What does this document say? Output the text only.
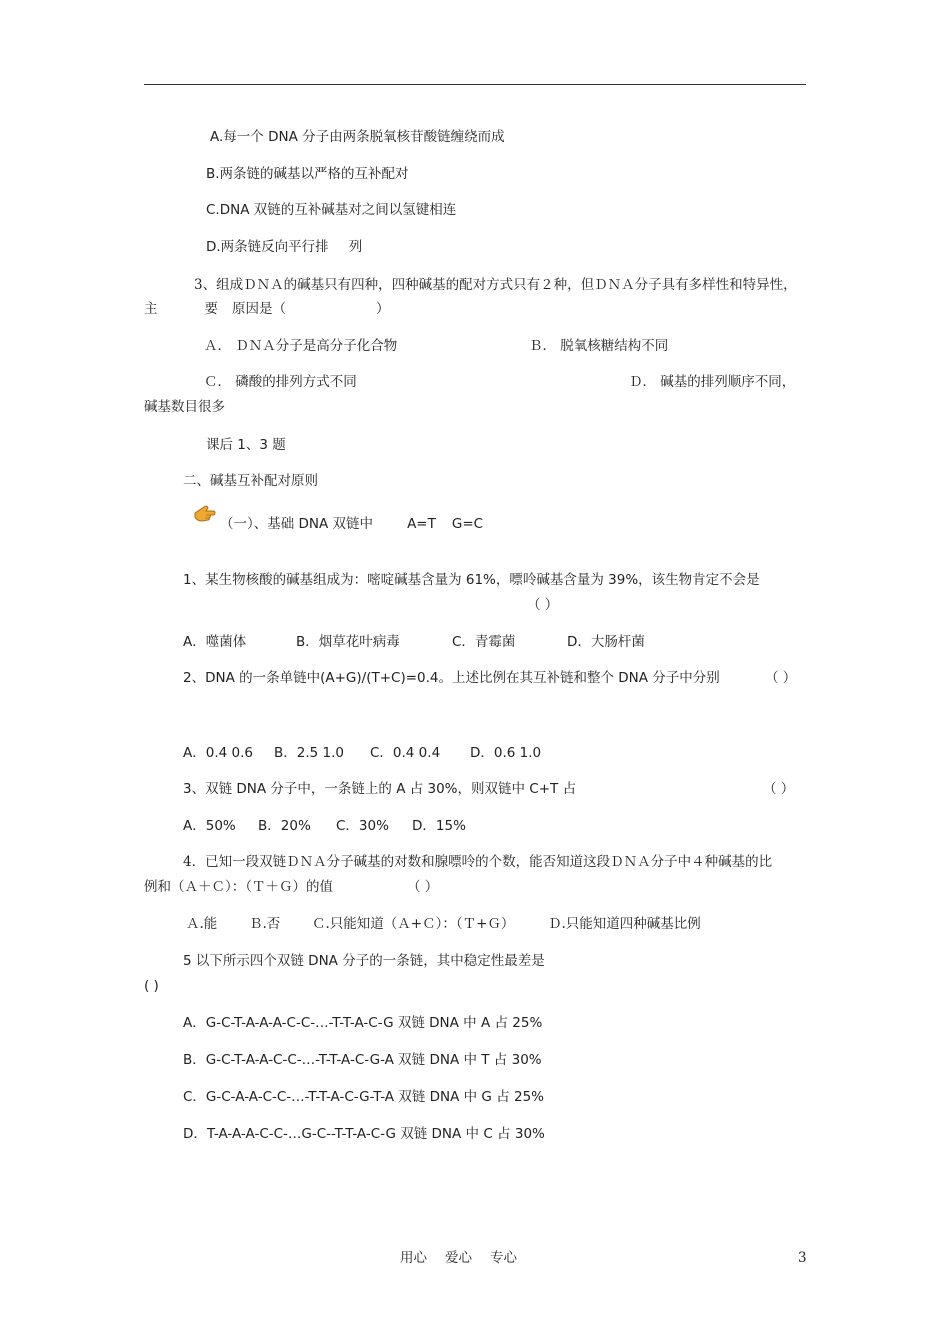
A.每一个 DNA 分子由两条脱氧核苷酸链缠绕而成
B.两条链的碱基以严格的互补配对
C.DNA 双链的互补碱基对之间以氢键相连
D.两条链反向平行排 列
3、组成ＤＮＡ的碱基只有四种，四种碱基的配对方式只有２种，但ＤＮＡ分子具有多样性和特异性，
主	要 原因是（	）
Ａ． ＤＮＡ分子是高分子化合物	Ｂ． 脱氧核糖结构不同
Ｃ． 磷酸的排列方式不同	Ｄ． 碱基的排列顺序不同，
碱基数目很多
课后 1、3 题
二、碱基互补配对原则
（一）、基础 DNA 双链中	A=T G=C
1、某生物核酸的碱基组成为：嘧啶碱基含量为 61%，嘌呤碱基含量为 39%，该生物肯定不会是
（ ）
A．噬菌体	B．烟草花叶病毒	C．青霉菌	D．大肠杆菌
2、DNA 的一条单链中(A+G)/(T+C)=0.4。上述比例在其互补链和整个 DNA 分子中分别	（ ）
A．0.4 0.6 B．2.5 1.0 C．0.4 0.4 D．0.6 1.0
3、双链 DNA 分子中，一条链上的 A 占 30%，则双链中 C+T 占	（ ）
A．50% B．20% C．30% D．15%
4．已知一段双链ＤＮＡ分子碱基的对数和腺嘌呤的个数，能否知道这段ＤＮＡ分子中４种碱基的比
例和（Ａ＋Ｃ）：（Ｔ＋Ｇ）的值	（ ）
Ａ.能 Ｂ.否 Ｃ.只能知道（Ａ+Ｃ）：（Ｔ+Ｇ） Ｄ.只能知道四种碱基比例
5 以下所示四个双链 DNA 分子的一条链，其中稳定性最差是
( )
A．G-C-T-A-A-A-C-C-…-T-T-A-C-G 双链 DNA 中 A 占 25%
B．G-C-T-A-A-C-C-…-T-T-A-C-G-A 双链 DNA 中 T 占 30%
C．G-C-A-A-C-C-…-T-T-A-C-G-T-A 双链 DNA 中 G 占 25%
D．T-A-A-A-C-C-…G-C--T-T-A-C-G 双链 DNA 中 C 占 30%
用心 爱心 专心	3
